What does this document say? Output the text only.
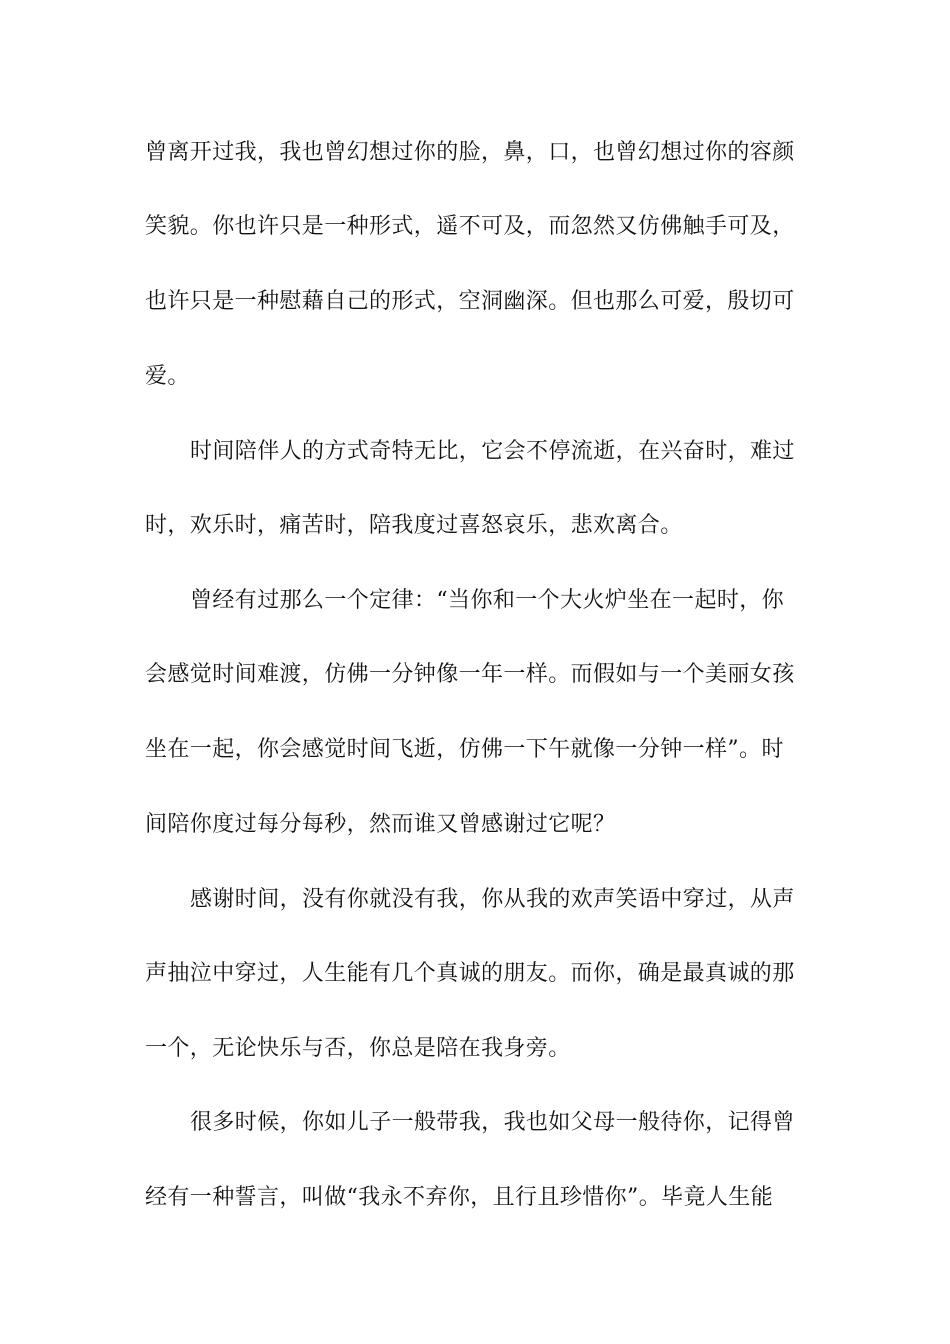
曾离开过我，我也曾幻想过你的脸，鼻，口，也曾幻想过你的容颜
笑貌。你也许只是一种形式，遥不可及，而忽然又仿佛触手可及，
也许只是一种慰藉自己的形式，空洞幽深。但也那么可爱，殷切可
爱。
时间陪伴人的方式奇特无比，它会不停流逝，在兴奋时，难过
时，欢乐时，痛苦时，陪我度过喜怒哀乐，悲欢离合。
曾经有过那么一个定律：“当你和一个大火炉坐在一起时，你
会感觉时间难渡，仿佛一分钟像一年一样。而假如与一个美丽女孩
坐在一起，你会感觉时间飞逝，仿佛一下午就像一分钟一样”。时
间陪你度过每分每秒，然而谁又曾感谢过它呢？
感谢时间，没有你就没有我，你从我的欢声笑语中穿过，从声
声抽泣中穿过，人生能有几个真诚的朋友。而你，确是最真诚的那
一个，无论快乐与否，你总是陪在我身旁。
很多时候，你如儿子一般带我，我也如父母一般待你，记得曾
经有一种誓言，叫做“我永不弃你，且行且珍惜你”。毕竟人生能
